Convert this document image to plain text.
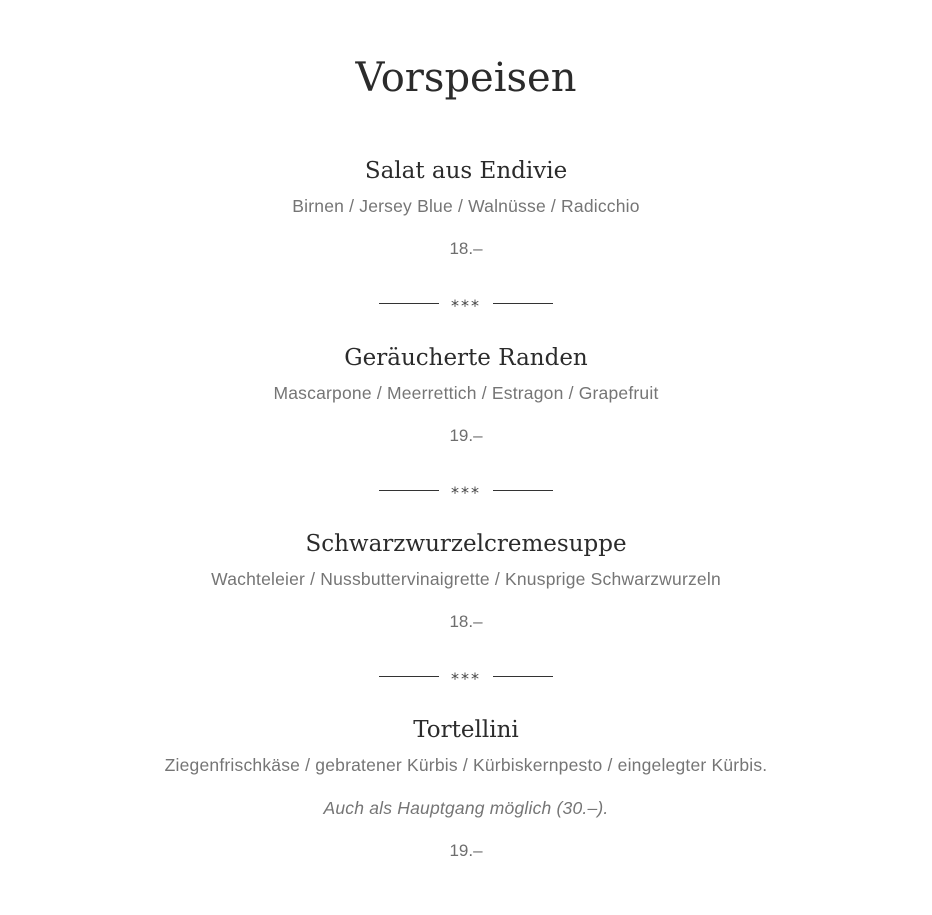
Vorspeisen
Salat aus Endivie
Birnen / Jersey Blue / Walnüsse / Radicchio
18.–
***
Geräucherte Randen
Mascarpone / Meerrettich / Estragon / Grapefruit
19.–
***
Schwarzwurzelcremesuppe
Wachteleier / Nussbuttervinaigrette / Knusprige Schwarzwurzeln
18.–
***
Tortellini
Ziegenfrischkäse / gebratener Kürbis / Kürbiskernpesto / eingelegter Kürbis.
Auch als Hauptgang möglich (30.–).
19.–
